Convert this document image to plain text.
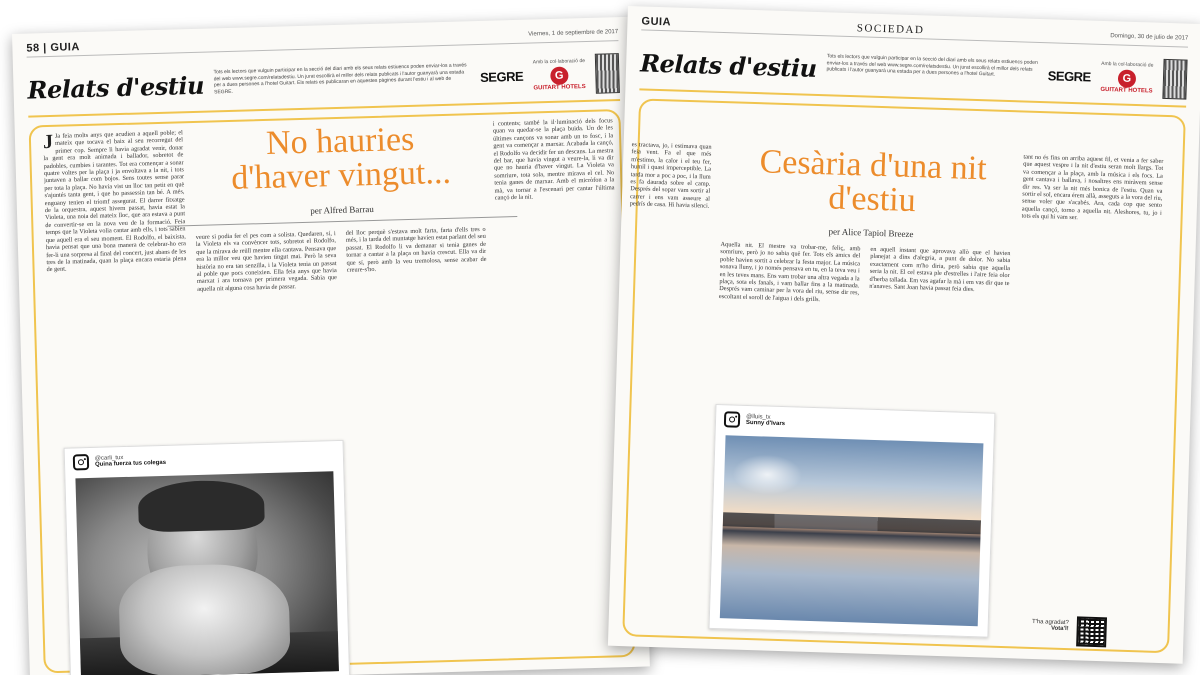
58 | GUIA
Viernes, 1 de septiembre de 2017
Relats d'estiu
Tots els lectors que vulguin participar en la secció del diari amb els seus relats estiuencs poden enviar-los a través del web www.segre.com/relatsdestiu. Un jurat escollirà el millor dels relats publicats i l'autor guanyarà una estada per a dues persones a l'hotel Guitart. Els relats es publicaran en aquestes pàgines durant l'estiu i al web de SEGRE.
SEGRE
Amb la col·laboració de
G
GUITART HOTELS
No hauries d'haver vingut...
per Alfred Barrau
J Ja feia molts anys que acudien a aquell poble; el mateix que tocava el baix al seu recorregut del primer cop. Sempre li havia agradat venir, donar la gent era molt animada i ballador, sobretot de padobles, cumbies i tarantes. Tot era començar a sonar quatre voltes per la plaça i ja envoltava a la nit, i tots juntaven a ballar com bojos. Sens toutes sense parar per tota la plaça. No havia vist un lloc tan petit en què s'ajuntés tanta gent, i que ho passessin tan bé. A més, enguany tenien el triomf assegurat. El darrer fitxatge de la orquestra, aquest hivern passat, havia estat la Violeta, una noia del mateix lloc, que ara estava a punt de convertir-se en la nova veu de la formació. Feia temps que la Violeta volia cantar amb ells, i tots sabien que aquell era el seu moment. El Rodolfo, el baixista, havia pensat que una bona manera de celebrar-ho era fer-li una sorpresa al final del concert, just abans de les tres de la matinada, quan la plaça encara estaria plena de gent.
veure si podia fer el pes com a solista. Quedaren, sí, i la Violeta els va convèncer tots, sobretot el Rodolfo, que la mirava de reüll mentre ella cantava. Pensava que era la millor veu que havien tingut mai. Però la seva història no era tan senzilla, i la Violeta tenia un passat al poble que pocs coneixien. Ella feia anys que havia marxat i ara tornava per primera vegada. Sabia que aquella nit alguna cosa havia de passar.
del lloc perquè s'estava molt farta, farta d'ells tres o més, i la tarda del muntatge havien estat parlant del seu passat. El Rodolfo li va demanar si tenia ganes de tornar a cantar a la plaça on havia crescut. Ella va dir que sí, però amb la veu tremolosa, sense acabar de creure-s'ho.
i contents; també la il·luminació dels focus quan va quedar-se la plaça buida. Un de les últimes cançons va sonar amb un to fosc, i la gent va començar a marxar. Acabada la cançó, el Rodolfo va decidir fer un descans. La mestra del bar, que havia vingut a veure-la, li va dir que no hauria d'haver vingut. La Violeta va somriure, tota sola, mentre mirava el cel. No tenia ganes de marxar. Amb el micròfon a la mà, va tornar a l'escenari per cantar l'última cançó de la nit.
@carli_tux
Quina fuerza tus colegas
GUIA
SOCIEDAD
Domingo, 30 de julio de 2017
Relats d'estiu Tots els lectors que vulguin participar en la secció del diari amb els seus relats estiuencs poden enviar-los a través del web www.segre.com/relatsdestiu. Un jurat escollirà el millor dels relats publicats i l'autor guanyarà una estada per a dues persones a l'hotel Guitart.	SEGRE
Amb la col·laboració de
G
GUITART HOTELS
Cesària d'una nit d'estiu
per Alice Tapiol Breeze
es tractava, jo, i estimava quan feia vent. Fa el que més m'estimo, la calor i el teu fer, humil i quasi imperceptible. La tarda mor a poc a poc, i la llum es fa daurada sobre el camp. Després del sopar vam sortir al carrer i ens vam asseure al pedrís de casa. Hi havia silenci.
Aquella nit. El mestre va trobar-me, feliç, amb somriure, però jo no sabia què fer. Tots els amics del poble havien sortit a celebrar la festa major. La música sonava lluny, i jo només pensava en tu, en la teva veu i en les teves mans. Ens vam trobar una altra vegada a la plaça, sota els fanals, i vam ballar fins a la matinada. Després vam caminar per la vora del riu, sense dir res, escoltant el soroll de l'aigua i dels grills.
en aquell instant que aprovava allò que el havien planejat a dins d'alegria, a punt de dolor. No sabia exactament com m'ho diria, però sabia que aquella seria la nit. El cel estava ple d'estrelles i l'aire feia olor d'herba tallada. Em vas agafar la mà i em vas dir que te n'anaves. Sant Joan havia passat feia dies.
tant no és fins on arriba aquest fil, et venia a fer saber que aquest vespre i la nit d'estiu seran molt llargs. Tot va començar a la plaça, amb la música i els focs. La gent cantava i ballava, i nosaltres ens miràvem sense dir res. Va ser la nit més bonica de l'estiu. Quan va sortir el sol, encara érem allà, asseguts a la vora del riu, sense voler que s'acabés. Ara, cada cop que sento aquella cançó, torno a aquella nit. Aleshores, tu, jo i tots els qui hi vam ser.
@lluis_tx
Sunny d'Ivars
T'ha agradat?
Vota'l!
